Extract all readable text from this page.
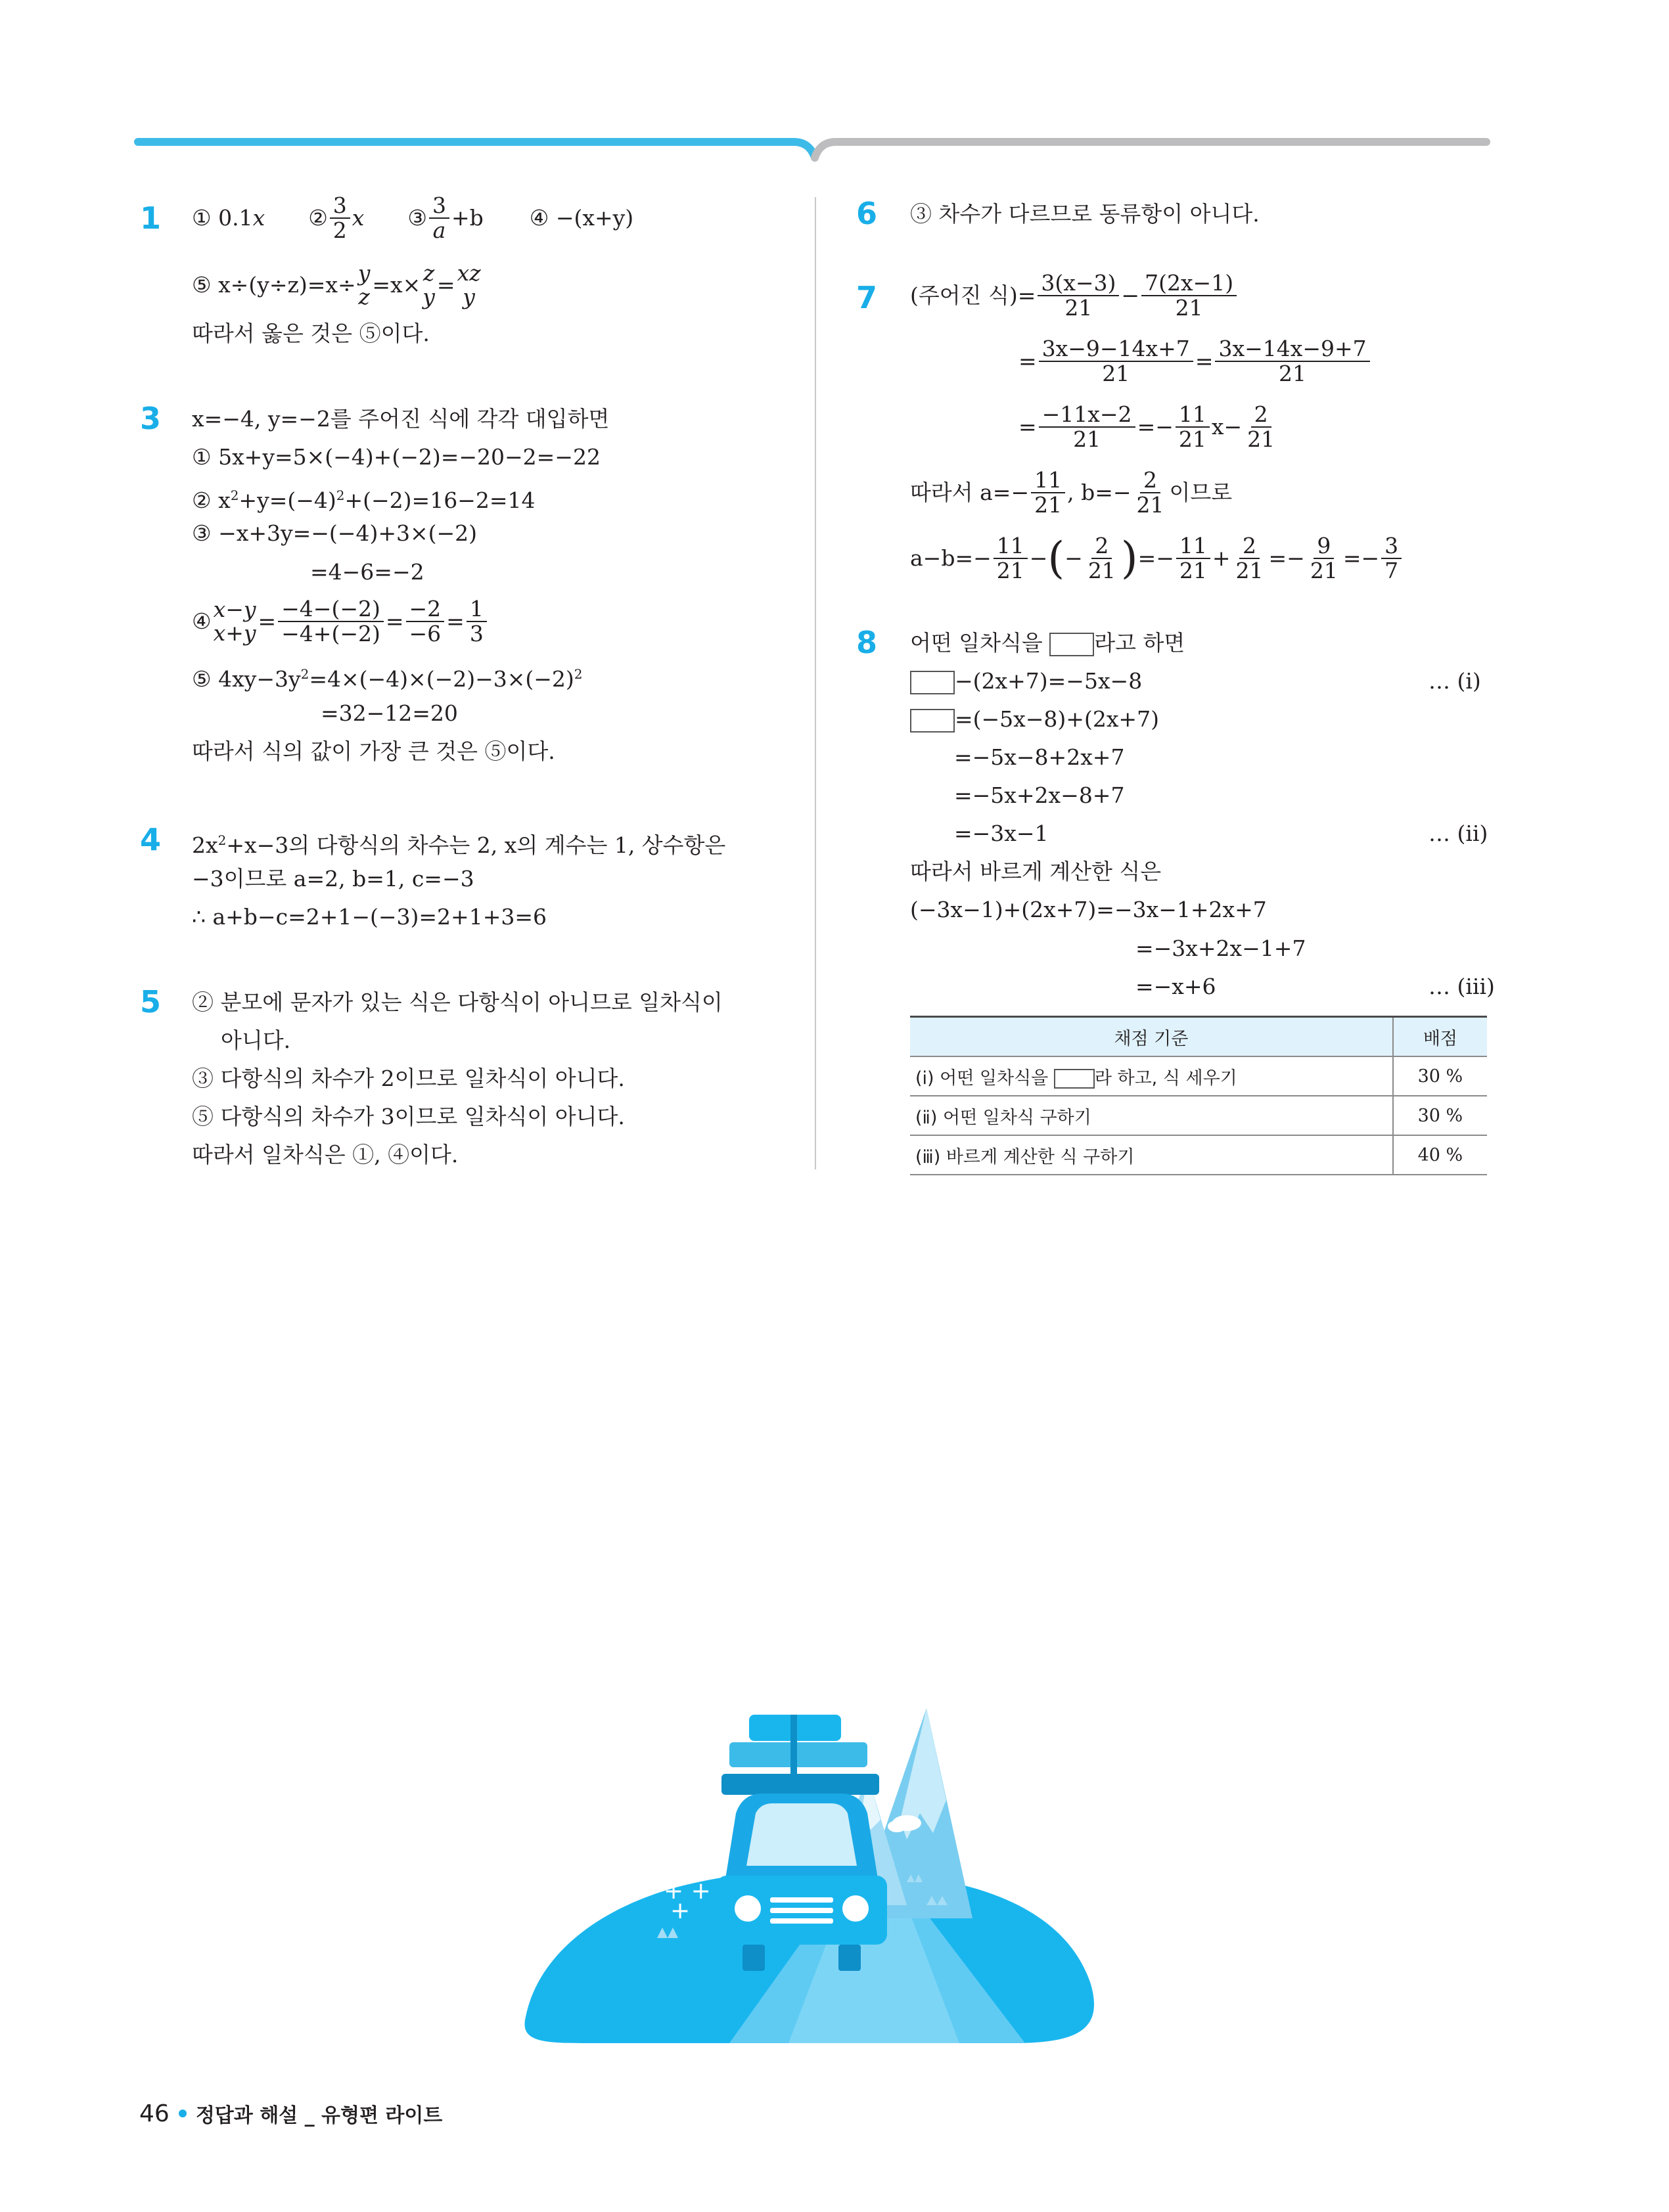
1 ① 0.1 x ② $\frac{3}{2}$ x ③ $\frac{3}{a} +b$ ④ −(x+y)
⑤ x÷(y÷z)=x÷ y
z =x× z
y = xz
y
따라서 옳은 것은 ⑤이다.
3 x=−4, y=−2를 주어진 식에 각각 대입하면
① 5x+y=5×(−4)+(−2)=−20−2=−22
② $x^2+y=(-4)^2+(-2)=16-2=14$
③ −x+3y=−(−4)+3×(−2)
=4−6=−2
④ x−y
$x+y = \frac{-4-(-2)}{-4+(-2)} = \frac{-2}{-6} = \frac{1}{3}$
⑤ $4xy-3y^2=4\times(-4)\times(-2)-3\times(-2)^2$
=32−12=20
따라서 식의 값이 가장 큰 것은 ⑤이다.
4 $2x^2+x-3$의 다항식의 차수는 2, x의 계수는 1, 상수항은
−3이므로 a=2, b=1, c=−3
∴ a+b−c=2+1−(−3)=2+1+3=6
5 ② 분모에 문자가 있는 식은 다항식이 아니므로 일차식이
아니다.
③ 다항식의 차수가 2이므로 일차식이 아니다.
⑤ 다항식의 차수가 3이므로 일차식이 아니다.
따라서 일차식은 ①, ④이다.
6 ③ 차수가 다르므로 동류항이 아니다.
7 (주어진 식)= $\frac{3(x-3)}{21} - \frac{7(2x-1)}{21}$
= $\frac{3x-9-14x+7}{21} = \frac{3x-14x-9+7}{21}$
= $\frac{-11x-2}{21} =- \frac{11}{21} x- \frac{2}{21}$
따라서 $a=- \frac{11}{21}$ , $b=- \frac{2}{21}$ 이므로
$a-b=- \frac{11}{21}$ − ( − $\frac{2}{21}$ ) =− $\frac{11}{21} + \frac{2}{21} =- \frac{9}{21} =- \frac{3}{7}$
8 어떤 일차식을 라고 하면
−(2x+7)=−5x−8	… (ⅰ)
=(−5x−8)+(2x+7)
=−5x−8+2x+7
=−5x+2x−8+7
=−3x−1	… (ⅱ)
따라서 바르게 계산한 식은
(−3x−1)+(2x+7)=−3x−1+2x+7
=−3x+2x−1+7
=−x+6	… (ⅲ)
채점 기준	배점
(ⅰ) 어떤 일차식을 라 하고, 식 세우기	30 %
(ⅱ) 어떤 일차식 구하기	30 %
(ⅲ) 바르게 계산한 식 구하기	40 %
+ +
+
46 정답과 해설 _ 유형편 라이트
